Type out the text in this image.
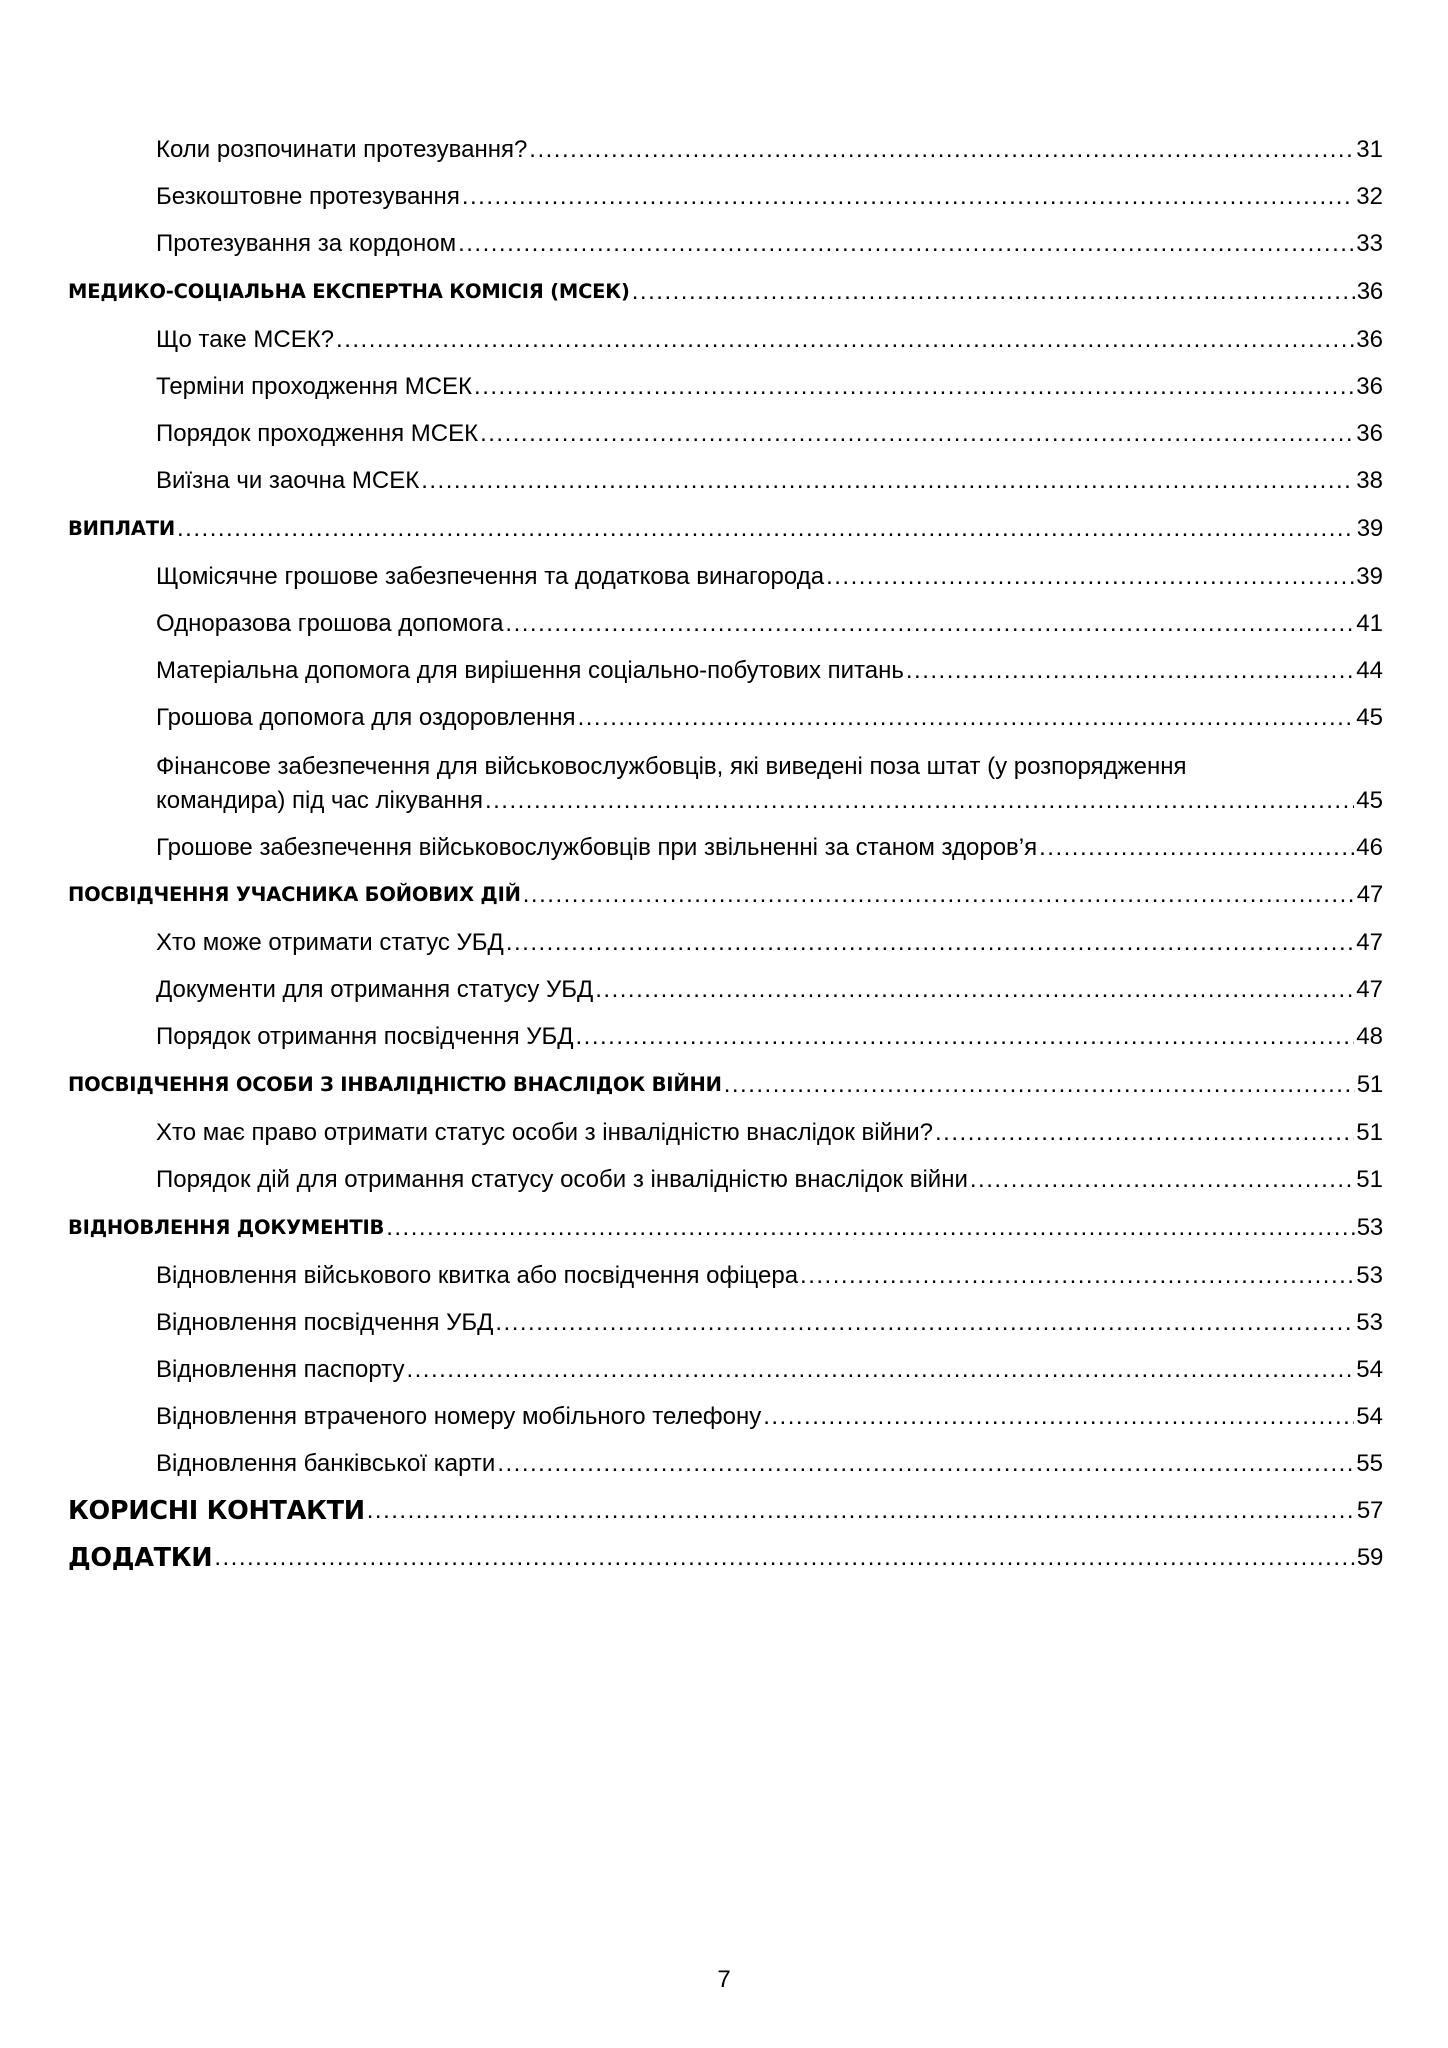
Коли розпочинати протезування? .....	31
Безкоштовне протезування .....	32
Протезування за кордоном .....	33
МЕДИКО-СОЦІАЛЬНА ЕКСПЕРТНА КОМІСІЯ (МСЕК) .....	36
Що таке МСЕК? .....	36
Терміни проходження МСЕК .....	36
Порядок проходження МСЕК .....	36
Виїзна чи заочна МСЕК .....	38
ВИПЛАТИ .....	39
Щомісячне грошове забезпечення та додаткова винагорода .....	39
Одноразова грошова допомога .....	41
Матеріальна допомога для вирішення соціально-побутових питань .....	44
Грошова допомога для оздоровлення .....	45
Фінансове забезпечення для військовослужбовців, які виведені поза штат (у розпорядження
командира) під час лікування .....	45
Грошове забезпечення військовослужбовців при звільненні за станом здоров’я .....	46
ПОСВІДЧЕННЯ УЧАСНИКА БОЙОВИХ ДІЙ .....	47
Хто може отримати статус УБД .....	47
Документи для отримання статусу УБД .....	47
Порядок отримання посвідчення УБД .....	48
ПОСВІДЧЕННЯ ОСОБИ З ІНВАЛІДНІСТЮ ВНАСЛІДОК ВІЙНИ .....	51
Хто має право отримати статус особи з інвалідністю внаслідок війни? .....	51
Порядок дій для отримання статусу особи з інвалідністю внаслідок війни .....	51
ВІДНОВЛЕННЯ ДОКУМЕНТІВ .....	53
Відновлення військового квитка або посвідчення офіцера .....	53
Відновлення посвідчення УБД .....	53
Відновлення паспорту .....	54
Відновлення втраченого номеру мобільного телефону .....	54
Відновлення банківської карти .....	55
КОРИСНІ КОНТАКТИ .....	57
ДОДАТКИ .....	59
7
